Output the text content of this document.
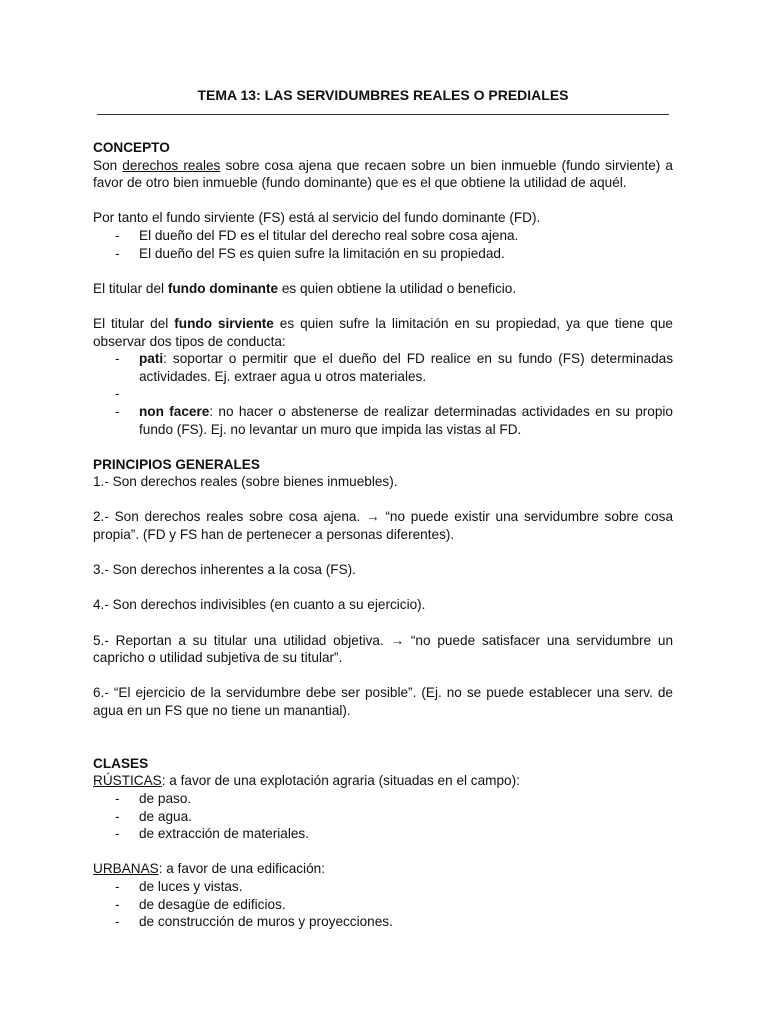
TEMA 13: LAS SERVIDUMBRES REALES O PREDIALES
CONCEPTO

Son derechos reales sobre cosa ajena que recaen sobre un bien inmueble (fundo sirviente) a favor de otro bien inmueble (fundo dominante) que es el que obtiene la utilidad de aquél.

Por tanto el fundo sirviente (FS) está al servicio del fundo dominante (FD).

- El dueño del FD es el titular del derecho real sobre cosa ajena.
- El dueño del FS es quien sufre la limitación en su propiedad.

El titular del fundo dominante es quien obtiene la utilidad o beneficio.

El titular del fundo sirviente es quien sufre la limitación en su propiedad, ya que tiene que observar dos tipos de conducta:

- pati: soportar o permitir que el dueño del FD realice en su fundo (FS) determinadas actividades. Ej. extraer agua u otros materiales.
-
- non facere: no hacer o abstenerse de realizar determinadas actividades en su propio fundo (FS). Ej. no levantar un muro que impida las vistas al FD.
PRINCIPIOS GENERALES

1.- Son derechos reales (sobre bienes inmuebles).

2.- Son derechos reales sobre cosa ajena. → “no puede existir una servidumbre sobre cosa propia”. (FD y FS han de pertenecer a personas diferentes).

3.- Son derechos inherentes a la cosa (FS).

4.- Son derechos indivisibles (en cuanto a su ejercicio).

5.- Reportan a su titular una utilidad objetiva. → “no puede satisfacer una servidumbre un capricho o utilidad subjetiva de su titular”.

6.- “El ejercicio de la servidumbre debe ser posible”. (Ej. no se puede establecer una serv. de agua en un FS que no tiene un manantial).

CLASES

RÚSTICAS: a favor de una explotación agraria (situadas en el campo):

- de paso.
- de agua.
- de extracción de materiales.

URBANAS: a favor de una edificación:

- de luces y vistas.
- de desagüe de edificios.
- de construcción de muros y proyecciones.
